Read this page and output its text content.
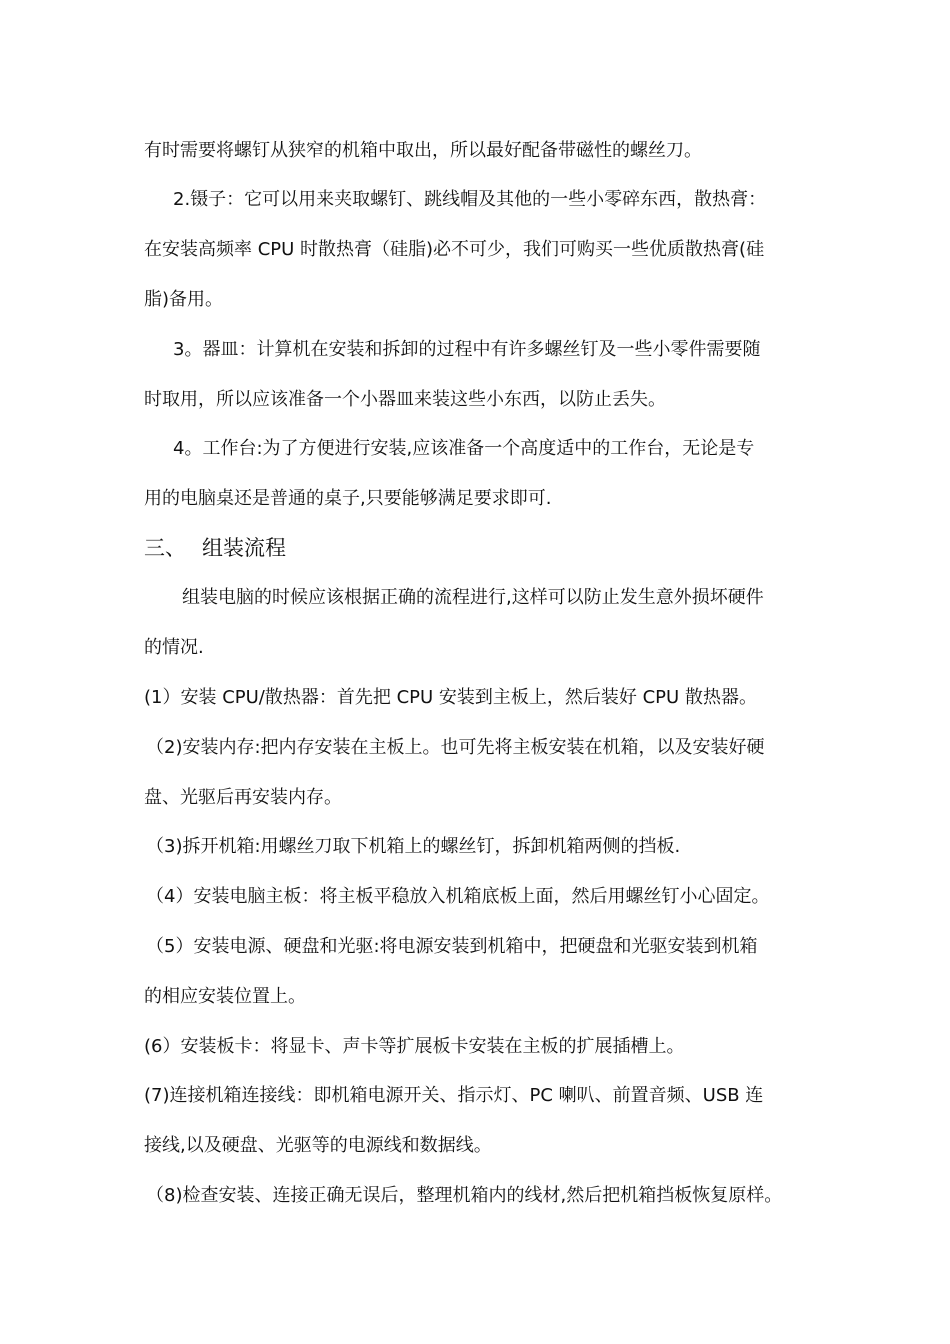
有时需要将螺钉从狭窄的机箱中取出，所以最好配备带磁性的螺丝刀。
2.镊子：它可以用来夹取螺钉、跳线帽及其他的一些小零碎东西，散热膏：
在安装高频率 CPU 时散热膏（硅脂)必不可少，我们可购买一些优质散热膏(硅
脂)备用。
3。器皿：计算机在安装和拆卸的过程中有许多螺丝钉及一些小零件需要随
时取用，所以应该准备一个小器皿来装这些小东西，以防止丢失。
4。工作台:为了方便进行安装,应该准备一个高度适中的工作台，无论是专
用的电脑桌还是普通的桌子,只要能够满足要求即可.
三、 组装流程
组装电脑的时候应该根据正确的流程进行,这样可以防止发生意外损坏硬件
的情况.
(1）安装 CPU/散热器：首先把 CPU 安装到主板上，然后装好 CPU 散热器。
（2)安装内存:把内存安装在主板上。也可先将主板安装在机箱，以及安装好硬
盘、光驱后再安装内存。
（3)拆开机箱:用螺丝刀取下机箱上的螺丝钉，拆卸机箱两侧的挡板.
（4）安装电脑主板：将主板平稳放入机箱底板上面，然后用螺丝钉小心固定。
（5）安装电源、硬盘和光驱:将电源安装到机箱中，把硬盘和光驱安装到机箱
的相应安装位置上。
(6）安装板卡：将显卡、声卡等扩展板卡安装在主板的扩展插槽上。
(7)连接机箱连接线：即机箱电源开关、指示灯、PC 喇叭、前置音频、USB 连
接线,以及硬盘、光驱等的电源线和数据线。
（8)检查安装、连接正确无误后，整理机箱内的线材,然后把机箱挡板恢复原样。
